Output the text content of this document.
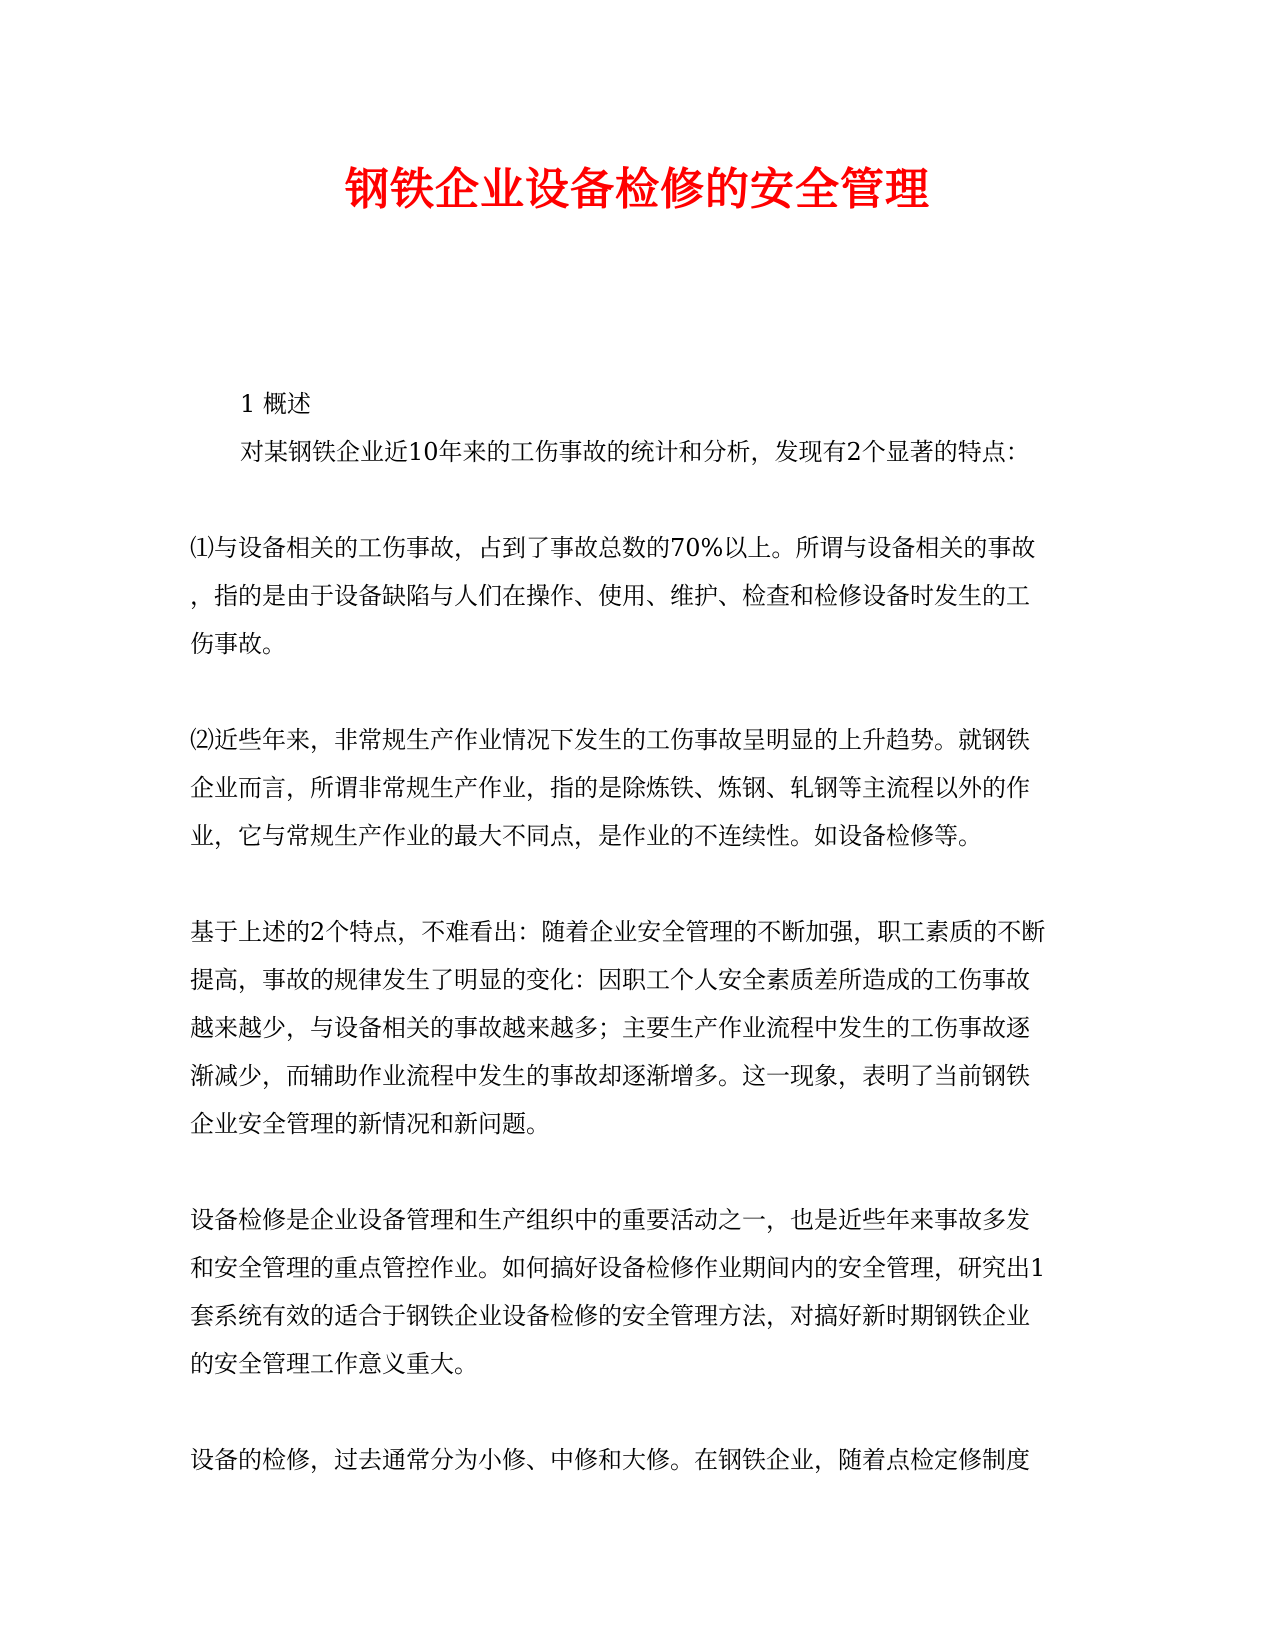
钢铁企业设备检修的安全管理
1 概述
对某钢铁企业近10年来的工伤事故的统计和分析，发现有2个显著的特点：
⑴与设备相关的工伤事故，占到了事故总数的70%以上。所谓与设备相关的事故
，指的是由于设备缺陷与人们在操作、使用、维护、检查和检修设备时发生的工
伤事故。
⑵近些年来，非常规生产作业情况下发生的工伤事故呈明显的上升趋势。就钢铁
企业而言，所谓非常规生产作业，指的是除炼铁、炼钢、轧钢等主流程以外的作
业，它与常规生产作业的最大不同点，是作业的不连续性。如设备检修等。
基于上述的2个特点，不难看出：随着企业安全管理的不断加强，职工素质的不断
提高，事故的规律发生了明显的变化：因职工个人安全素质差所造成的工伤事故
越来越少，与设备相关的事故越来越多；主要生产作业流程中发生的工伤事故逐
渐减少，而辅助作业流程中发生的事故却逐渐增多。这一现象，表明了当前钢铁
企业安全管理的新情况和新问题。
设备检修是企业设备管理和生产组织中的重要活动之一，也是近些年来事故多发
和安全管理的重点管控作业。如何搞好设备检修作业期间内的安全管理，研究出1
套系统有效的适合于钢铁企业设备检修的安全管理方法，对搞好新时期钢铁企业
的安全管理工作意义重大。
设备的检修，过去通常分为小修、中修和大修。在钢铁企业，随着点检定修制度
